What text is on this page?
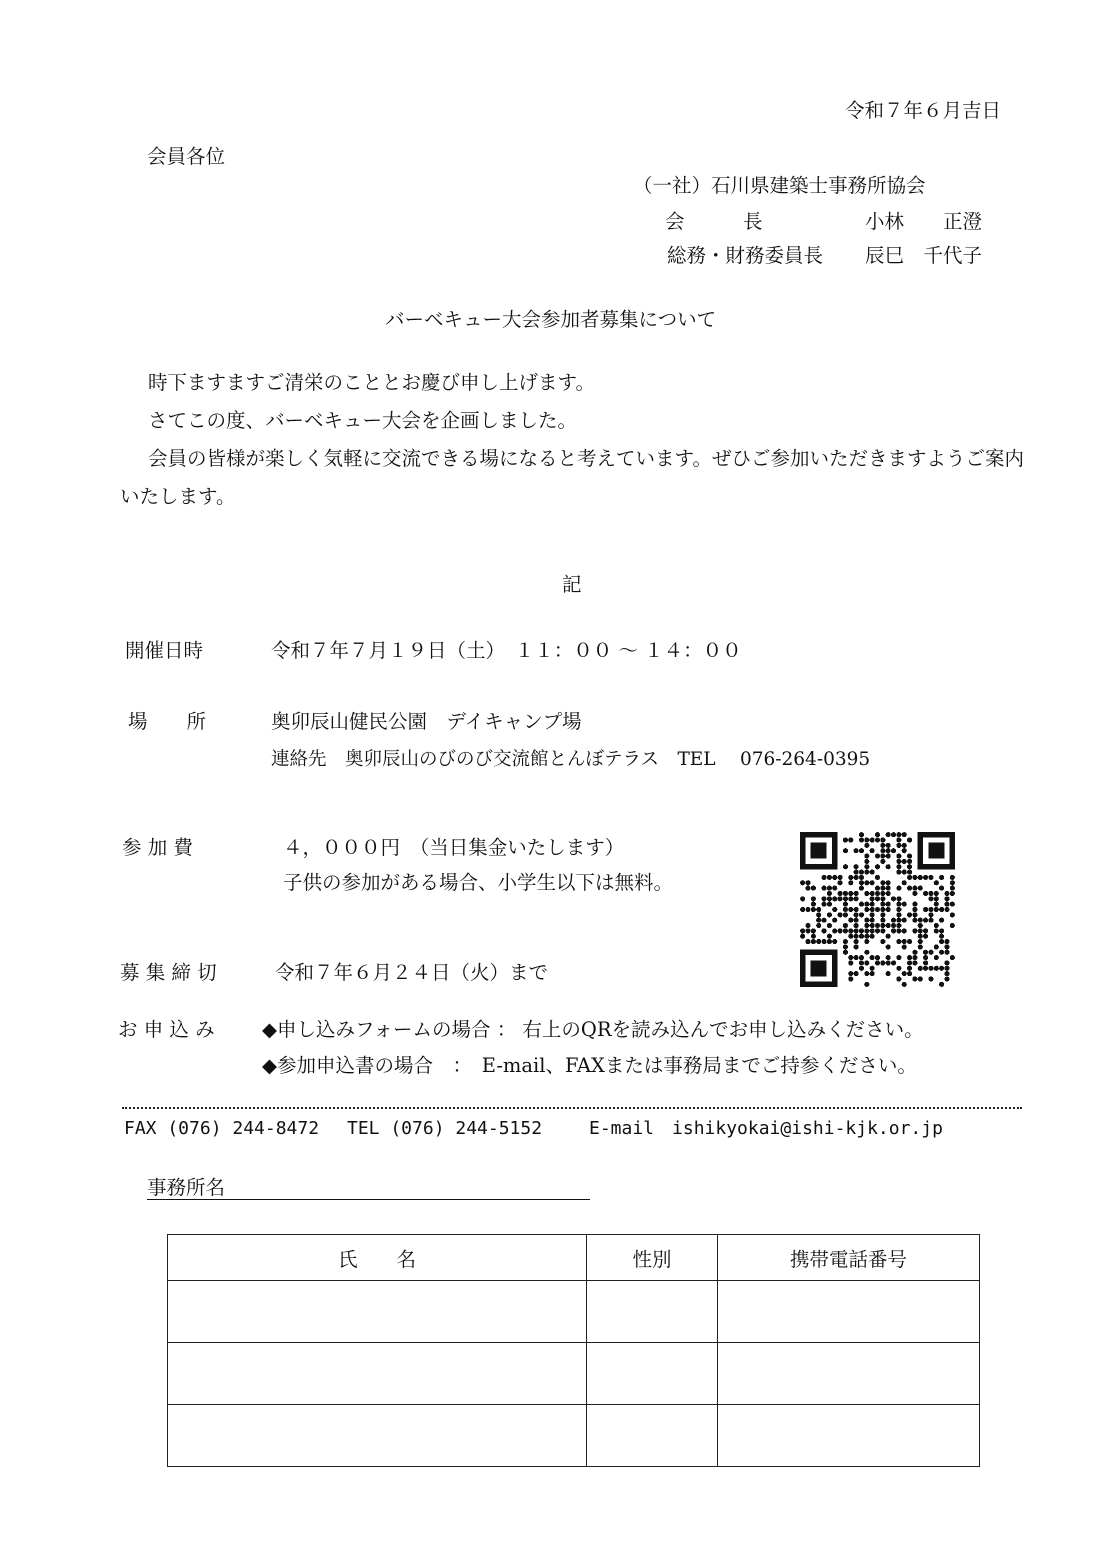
令和７年６月吉日
会員各位
（一社）石川県建築士事務所協会
会　　　長	小林　　正澄
総務・財務委員長 辰巳　千代子
バーベキュー大会参加者募集について

時下ますますご清栄のこととお慶び申し上げます。

さてこの度、バーベキュー大会を企画しました。

会員の皆様が楽しく気軽に交流できる場になると考えています。ぜひご参加いただきますようご案内いたします。

記
開催日時	令和７年７月１９日（土）　１１：００ ～ １４：００
場　　所	奥卯辰山健民公園　デイキャンプ場
連絡先　奥卯辰山のびのび交流館とんぼテラス　TEL　 076-264-0395
参 加 費	４，０００円　（当日集金いたします）
子供の参加がある場合、小学生以下は無料。
募 集 締 切	令和７年６月２４日（火）まで
お 申 込 み ◆申し込みフォームの場合 ： 右上のQRを読み込んでお申し込みください。
◆参加申込書の場合　：　E-mail、FAXまたは事務局までご持参ください。
FAX (076) 244-8472 TEL (076) 244-5152	E-mail　ishikyokai@ishi-kjk.or.jp
事務所名
氏　　名	性別	携帯電話番号
